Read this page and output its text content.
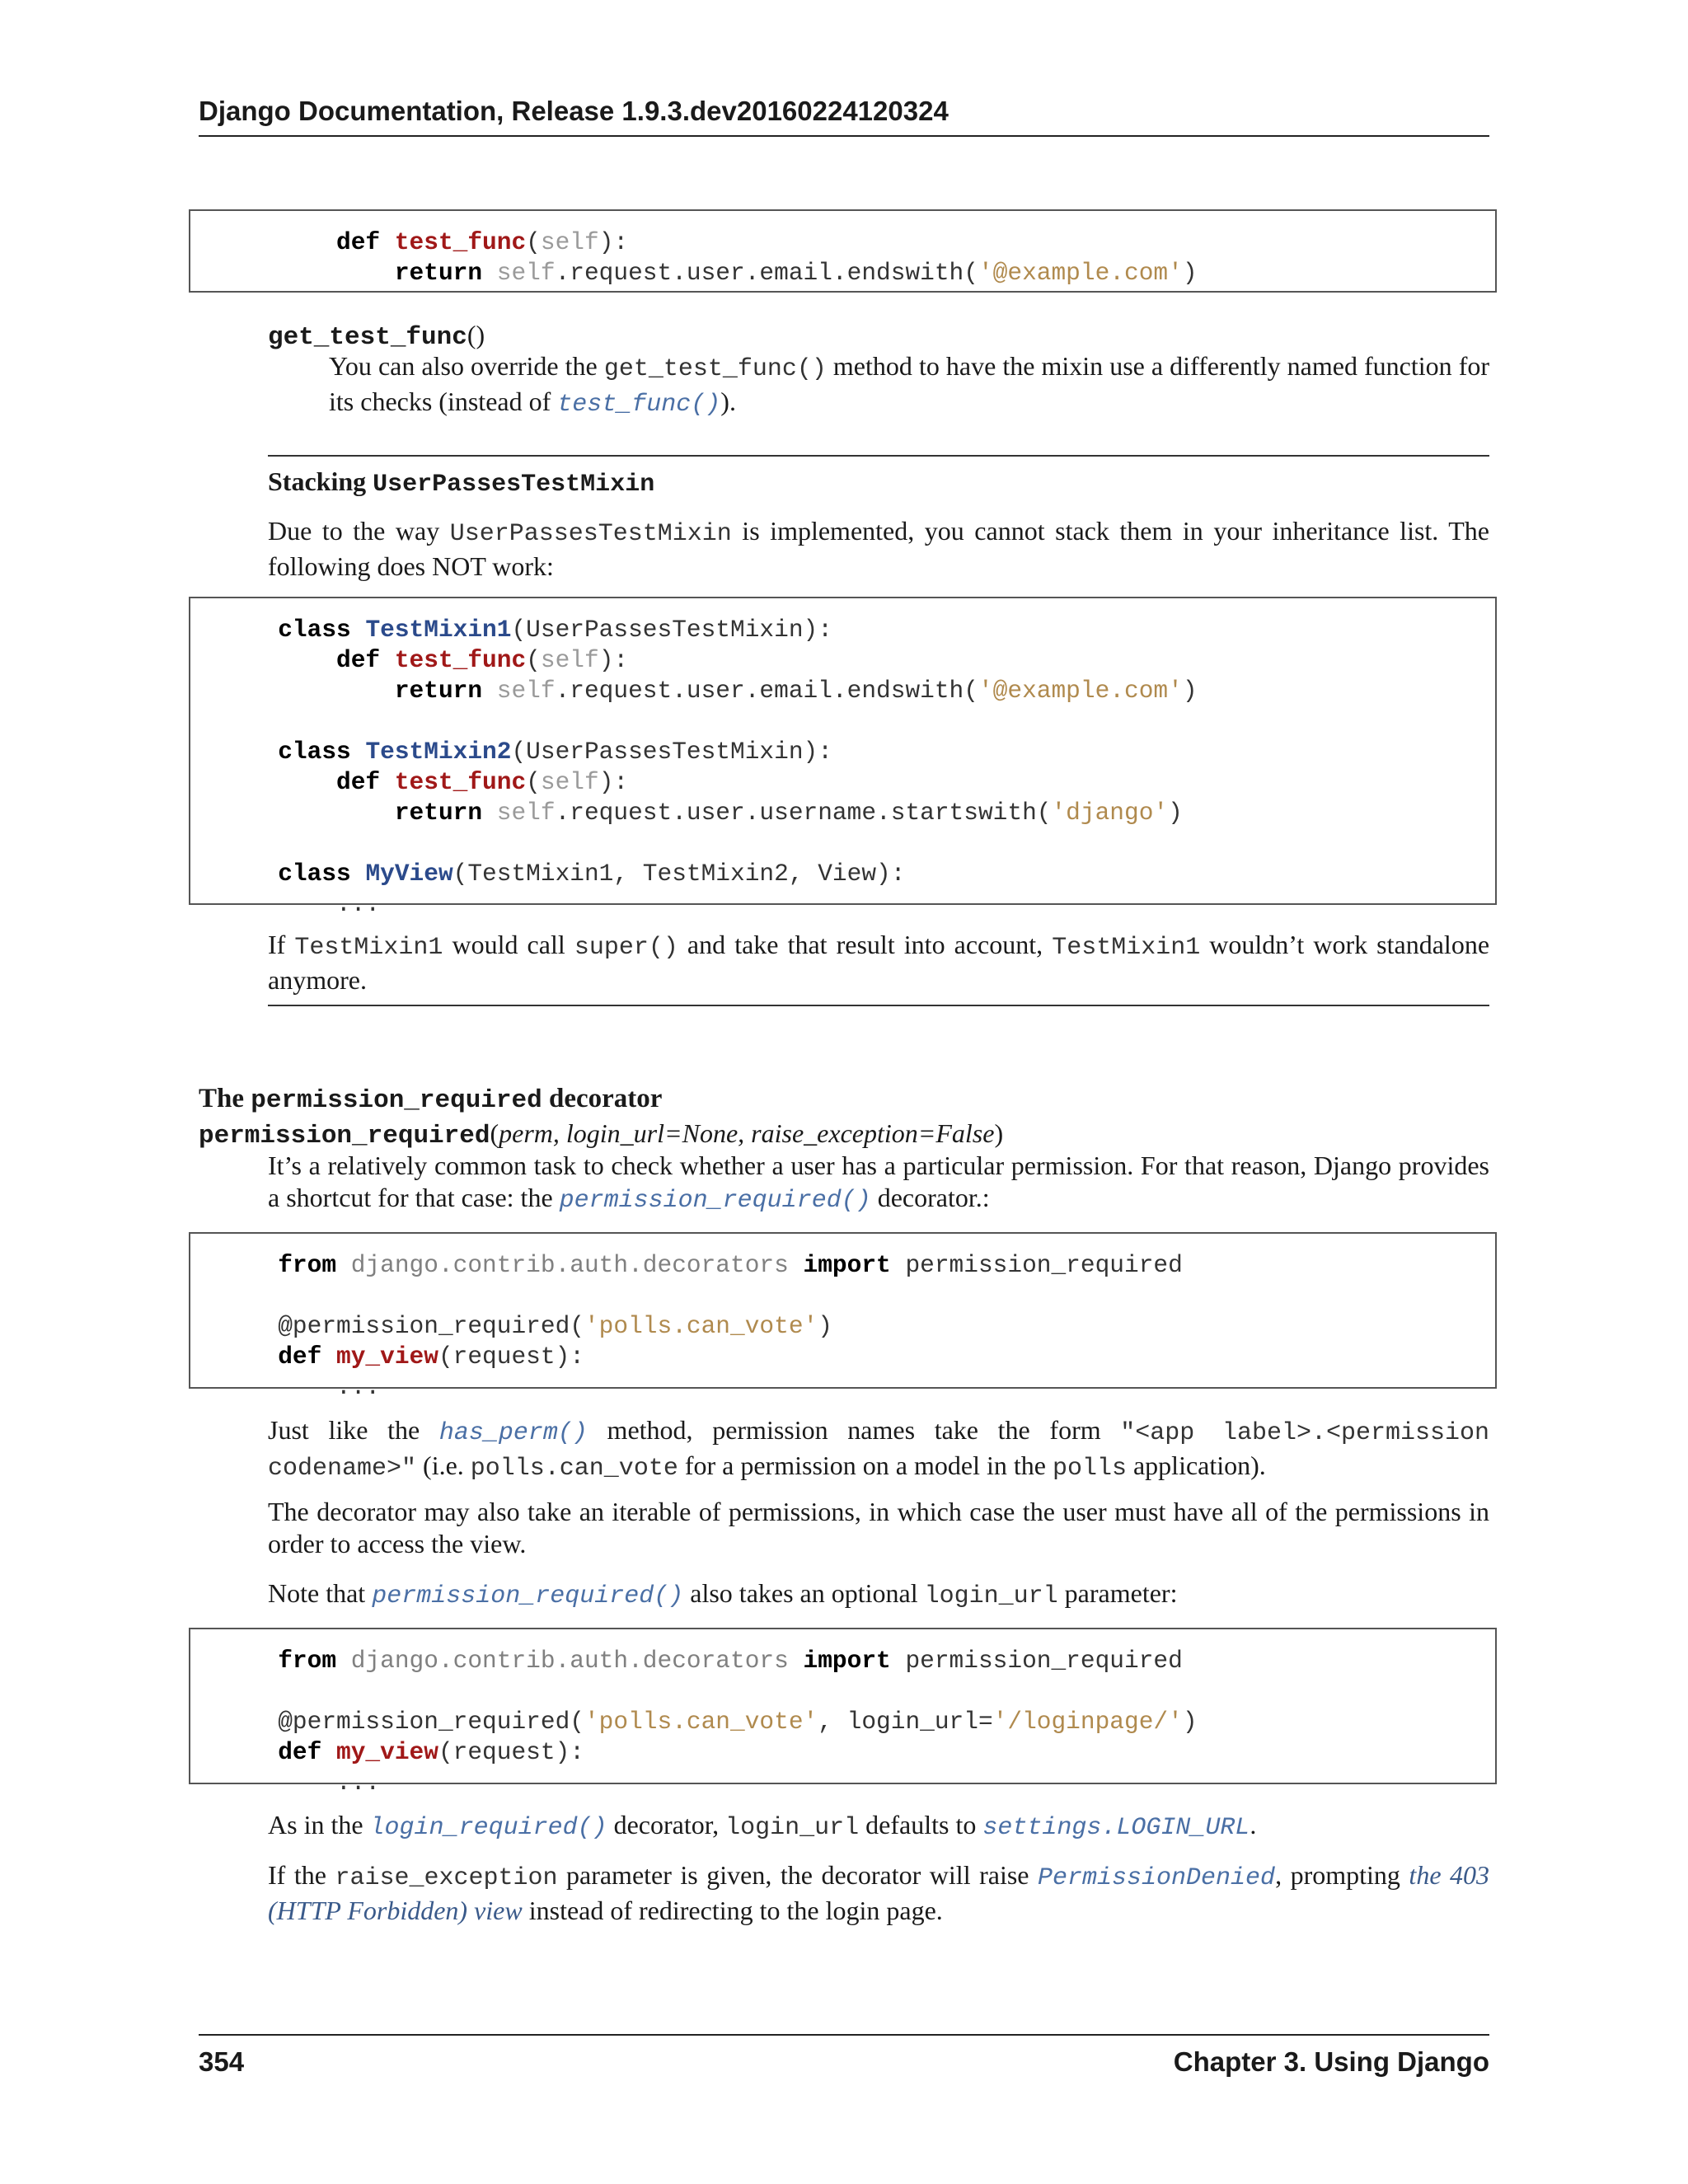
Django Documentation, Release 1.9.3.dev20160224120324
def test_func(self):
return self.request.user.email.endswith('@example.com')
get_test_func()
You can also override the get_test_func() method to have the mixin use a differently named function for its checks (instead of test_func()).
Stacking UserPassesTestMixin
Due to the way UserPassesTestMixin is implemented, you cannot stack them in your inheritance list. The following does NOT work:
class TestMixin1(UserPassesTestMixin):
def test_func(self):
return self.request.user.email.endswith('@example.com')

class TestMixin2(UserPassesTestMixin):
def test_func(self):
return self.request.user.username.startswith('django')

class MyView(TestMixin1, TestMixin2, View):
...
If TestMixin1 would call super() and take that result into account, TestMixin1 wouldn’t work standalone anymore.
The permission_required decorator
permission_required(perm, login_url=None, raise_exception=False)
It’s a relatively common task to check whether a user has a particular permission. For that reason, Django provides a shortcut for that case: the permission_required() decorator.:
from django.contrib.auth.decorators import permission_required

@permission_required('polls.can_vote')
def my_view(request):
...
Just like the has_perm() method, permission names take the form "<app label>.<permission codename>" (i.e. polls.can_vote for a permission on a model in the polls application).
The decorator may also take an iterable of permissions, in which case the user must have all of the permissions in order to access the view.
Note that permission_required() also takes an optional login_url parameter:
from django.contrib.auth.decorators import permission_required

@permission_required('polls.can_vote', login_url='/loginpage/')
def my_view(request):
...
As in the login_required() decorator, login_url defaults to settings.LOGIN_URL.
If the raise_exception parameter is given, the decorator will raise PermissionDenied, prompting the 403 (HTTP Forbidden) view instead of redirecting to the login page.
354	Chapter 3. Using Django
